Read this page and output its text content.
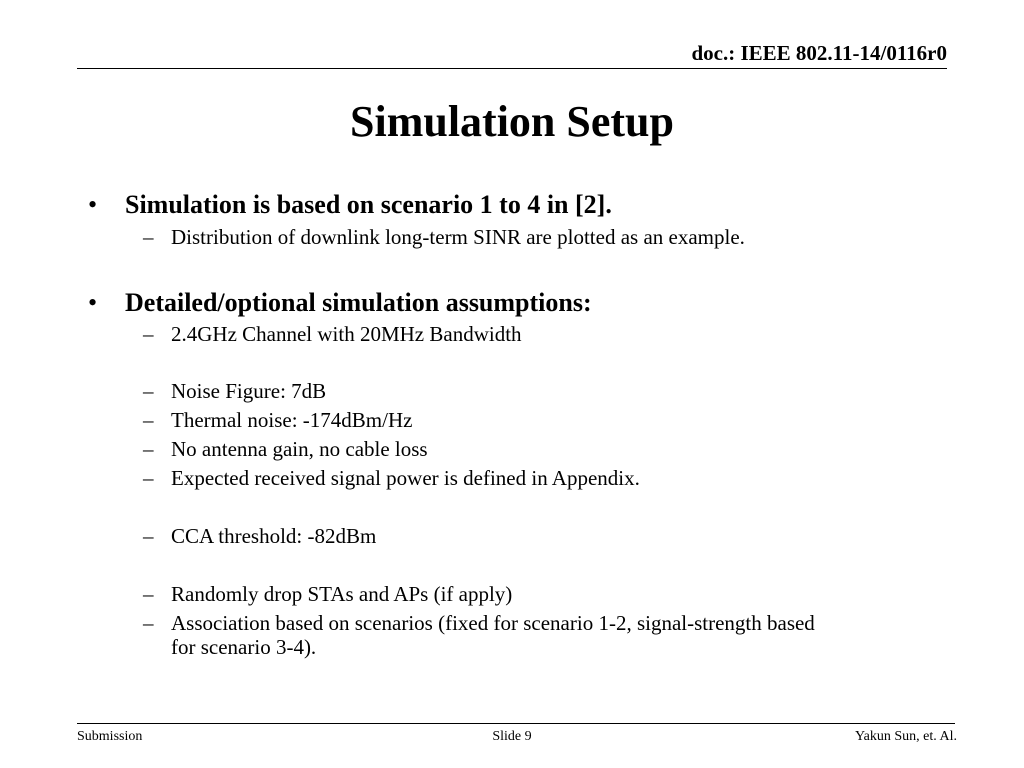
doc.: IEEE 802.11-14/0116r0
Simulation Setup
• Simulation is based on scenario 1 to 4 in [2].
– Distribution of downlink long-term SINR are plotted as an example.
• Detailed/optional simulation assumptions:
– 2.4GHz Channel with 20MHz Bandwidth
– Noise Figure: 7dB
– Thermal noise: -174dBm/Hz
– No antenna gain, no cable loss
– Expected received signal power is defined in Appendix.
– CCA threshold: -82dBm
– Randomly drop STAs and APs (if apply)
– Association based on scenarios (fixed for scenario 1-2, signal-strength based
for scenario 3-4).
Submission	Slide 9	Yakun Sun, et. Al.
